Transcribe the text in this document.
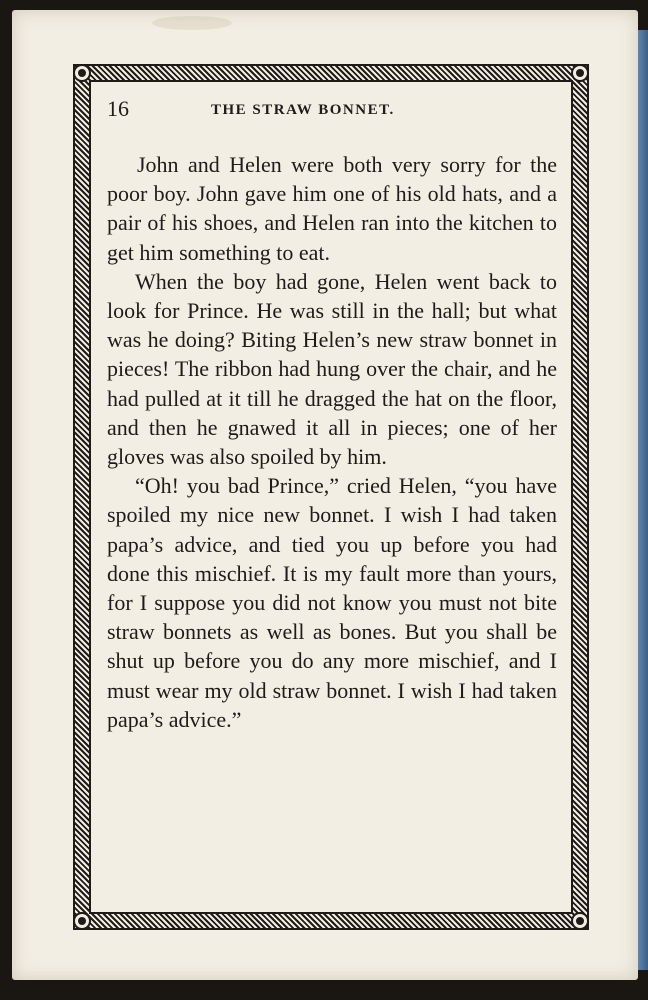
16	THE STRAW BONNET.

John and Helen were both very sorry for the poor boy. John gave him one of his old hats, and a pair of his shoes, and Helen ran into the kitchen to get him something to eat.

When the boy had gone, Helen went back to look for Prince. He was still in the hall; but what was he doing? Biting Helen’s new straw bonnet in pieces! The ribbon had hung over the chair, and he had pulled at it till he dragged the hat on the floor, and then he gnawed it all in pieces; one of her gloves was also spoiled by him.

“Oh! you bad Prince,” cried Helen, “you have spoiled my nice new bonnet. I wish I had taken papa’s advice, and tied you up before you had done this mischief. It is my fault more than yours, for I suppose you did not know you must not bite straw bonnets as well as bones. But you shall be shut up before you do any more mischief, and I must wear my old straw bonnet. I wish I had taken papa’s advice.”
